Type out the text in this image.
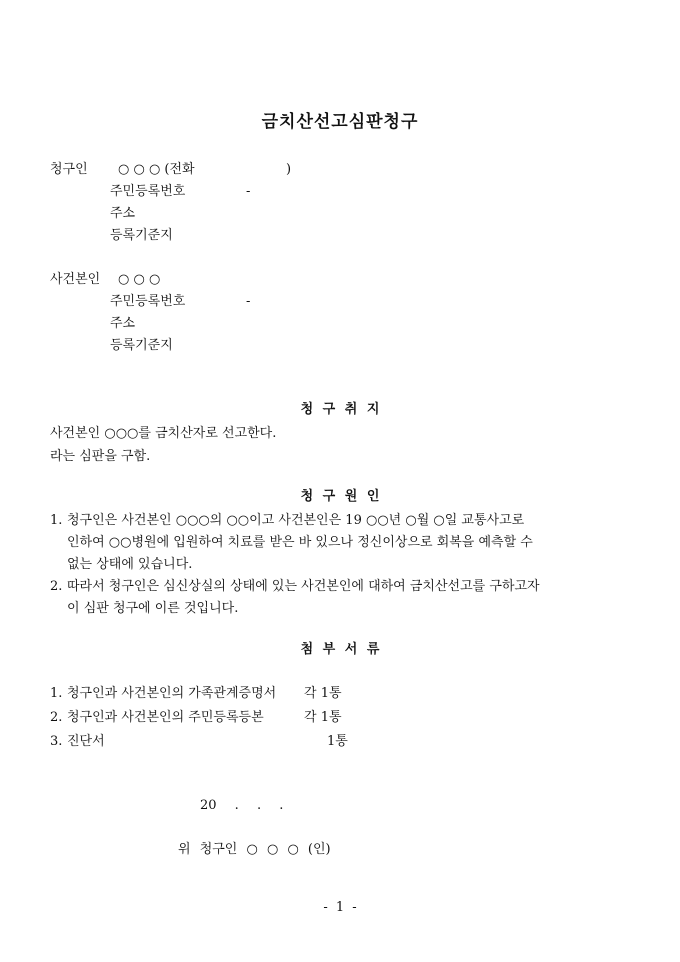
금치산선고심판청구
청구인 ○ ○ ○ (전화	)
주민등록번호	-
주소
등록기준지
사건본인 ○ ○ ○
주민등록번호	-
주소
등록기준지
청 구 취 지
사건본인 ○○○를 금치산자로 선고한다.
라는 심판을 구함.
청 구 원 인
1. 청구인은 사건본인 ○○○의 ○○이고 사건본인은 19 ○○년 ○월 ○일 교통사고로
인하여 ○○병원에 입원하여 치료를 받은 바 있으나 정신이상으로 회복을 예측할 수
없는 상태에 있습니다.
2. 따라서 청구인은 심신상실의 상태에 있는 사건본인에 대하여 금치산선고를 구하고자
이 심판 청구에 이른 것입니다.
첨 부 서 류
1. 청구인과 사건본인의 가족관계증명서 각 1통
2. 청구인과 사건본인의 주민등록등본	각 1통
3. 진단서	1통
20 . . .
위 청구인 ○ ○ ○ (인)
- 1 -
